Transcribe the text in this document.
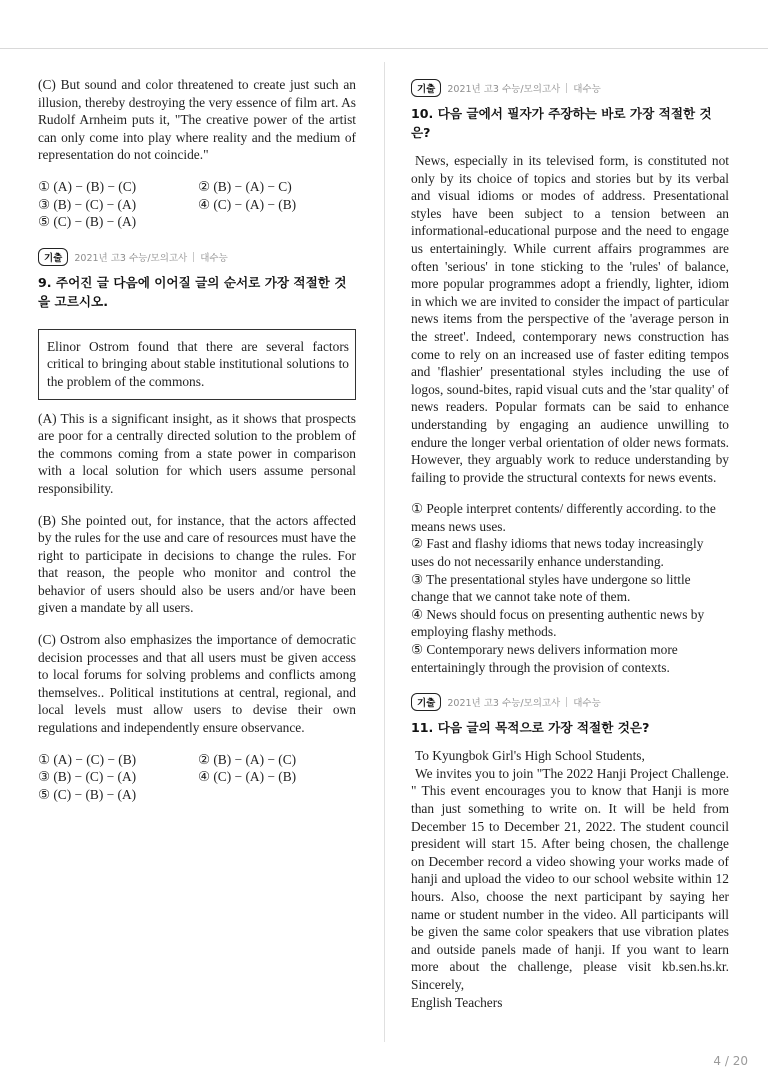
(C) But sound and color threatened to create just such an illusion, thereby destroying the very essence of film art. As Rudolf Arnheim puts it, "The creative power of the artist can only come into play where reality and the medium of representation do not coincide."

① (A) − (B) − (C)	② (B) − (A) − C)
③ (B) − (C) − (A)	④ (C) − (A) − (B)
⑤ (C) − (B) − (A)
기출	2021년 고3 수능/모의고사 대수능
9. 주어진 글 다음에 이어질 글의 순서로 가장 적절한 것을 고르시오.

Elinor Ostrom found that there are several factors critical to bringing about stable institutional solutions to the problem of the commons.

(A) This is a significant insight, as it shows that prospects are poor for a centrally directed solution to the problem of the commons coming from a state power in comparison with a local solution for which users assume personal responsibility.

(B) She pointed out, for instance, that the actors affected by the rules for the use and care of resources must have the right to participate in decisions to change the rules. For that reason, the people who monitor and control the behavior of users should also be users and/or have been given a mandate by all users.

(C) Ostrom also emphasizes the importance of democratic decision processes and that all users must be given access to local forums for solving problems and conflicts among themselves.. Political institutions at central, regional, and local levels must allow users to devise their own regulations and independently ensure observance.

① (A) − (C) − (B)	② (B) − (A) − (C)
③ (B) − (C) − (A)	④ (C) − (A) − (B)
⑤ (C) − (B) − (A)
기출	2021년 고3 수능/모의고사 대수능
10. 다음 글에서 필자가 주장하는 바로 가장 적절한 것은?

News, especially in its televised form, is constituted not only by its choice of topics and stories but by its verbal and visual idioms or modes of address. Presentational styles have been subject to a tension between an informational-educational purpose and the need to engage us entertainingly. While current affairs programmes are often 'serious' in tone sticking to the 'rules' of balance, more popular programmes adopt a friendly, lighter, idiom in which we are invited to consider the impact of particular news items from the perspective of the 'average person in the street'. Indeed, contemporary news construction has come to rely on an increased use of faster editing tempos and 'flashier' presentational styles including the use of logos, sound-bites, rapid visual cuts and the 'star quality' of news readers. Popular formats can be said to enhance understanding by engaging an audience unwilling to endure the longer verbal orientation of older news formats. However, they arguably work to reduce understanding by failing to provide the structural contexts for news events.

① People interpret contents/ differently according. to the means news uses.
② Fast and flashy idioms that news today increasingly uses do not necessarily enhance understanding.
③ The presentational styles have undergone so little change that we cannot take note of them.
④ News should focus on presenting authentic news by employing flashy methods.
⑤ Contemporary news delivers information more entertainingly through the provision of contexts.
기출	2021년 고3 수능/모의고사 대수능
11. 다음 글의 목적으로 가장 적절한 것은?

To Kyungbok Girl's High School Students,

We invites you to join "The 2022 Hanji Project Challenge. " This event encourages you to know that Hanji is more than just something to write on. It will be held from December 15 to December 21, 2022. The student council president will start 15. After being chosen, the challenge on December record a video showing your works made of hanji and upload the video to our school website within 12 hours. Also, choose the next participant by saying her name or student number in the video. All participants will be given the same color speakers that use vibration plates and outside panels made of hanji. If you want to learn more about the challenge, please visit kb.sen.hs.kr. Sincerely,

English Teachers

4 / 20
